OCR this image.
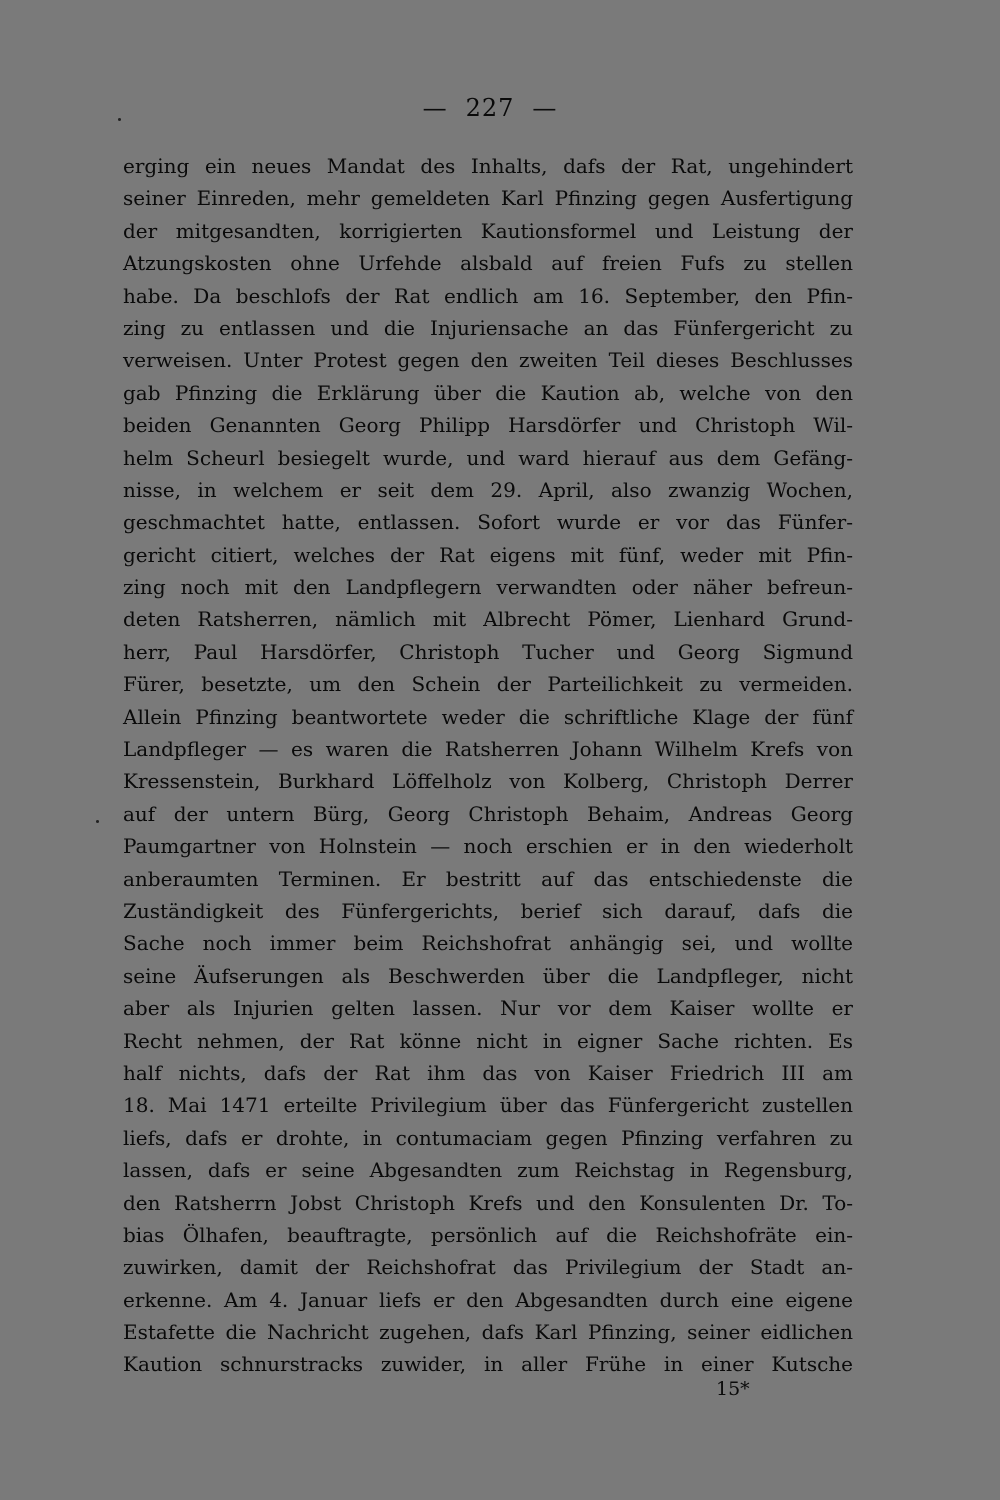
— 227 —
erging ein neues Mandat des Inhalts, dafs der Rat, ungehindert
seiner Einreden, mehr gemeldeten Karl Pfinzing gegen Ausfertigung
der mitgesandten, korrigierten Kautionsformel und Leistung der
Atzungskosten ohne Urfehde alsbald auf freien Fufs zu stellen
habe. Da beschlofs der Rat endlich am 16. September, den Pfin-
zing zu entlassen und die Injuriensache an das Fünfergericht zu
verweisen. Unter Protest gegen den zweiten Teil dieses Beschlusses
gab Pfinzing die Erklärung über die Kaution ab, welche von den
beiden Genannten Georg Philipp Harsdörfer und Christoph Wil-
helm Scheurl besiegelt wurde, und ward hierauf aus dem Gefäng-
nisse, in welchem er seit dem 29. April, also zwanzig Wochen,
geschmachtet hatte, entlassen. Sofort wurde er vor das Fünfer-
gericht citiert, welches der Rat eigens mit fünf, weder mit Pfin-
zing noch mit den Landpflegern verwandten oder näher befreun-
deten Ratsherren, nämlich mit Albrecht Pömer, Lienhard Grund-
herr, Paul Harsdörfer, Christoph Tucher und Georg Sigmund
Fürer, besetzte, um den Schein der Parteilichkeit zu vermeiden.
Allein Pfinzing beantwortete weder die schriftliche Klage der fünf
Landpfleger — es waren die Ratsherren Johann Wilhelm Krefs von
Kressenstein, Burkhard Löffelholz von Kolberg, Christoph Derrer
auf der untern Bürg, Georg Christoph Behaim, Andreas Georg
Paumgartner von Holnstein — noch erschien er in den wiederholt
anberaumten Terminen. Er bestritt auf das entschiedenste die
Zuständigkeit des Fünfergerichts, berief sich darauf, dafs die
Sache noch immer beim Reichshofrat anhängig sei, und wollte
seine Äufserungen als Beschwerden über die Landpfleger, nicht
aber als Injurien gelten lassen. Nur vor dem Kaiser wollte er
Recht nehmen, der Rat könne nicht in eigner Sache richten. Es
half nichts, dafs der Rat ihm das von Kaiser Friedrich III am
18. Mai 1471 erteilte Privilegium über das Fünfergericht zustellen
liefs, dafs er drohte, in contumaciam gegen Pfinzing verfahren zu
lassen, dafs er seine Abgesandten zum Reichstag in Regensburg,
den Ratsherrn Jobst Christoph Krefs und den Konsulenten Dr. To-
bias Ölhafen, beauftragte, persönlich auf die Reichshofräte ein-
zuwirken, damit der Reichshofrat das Privilegium der Stadt an-
erkenne. Am 4. Januar liefs er den Abgesandten durch eine eigene
Estafette die Nachricht zugehen, dafs Karl Pfinzing, seiner eidlichen
Kaution schnurstracks zuwider, in aller Frühe in einer Kutsche
15*
